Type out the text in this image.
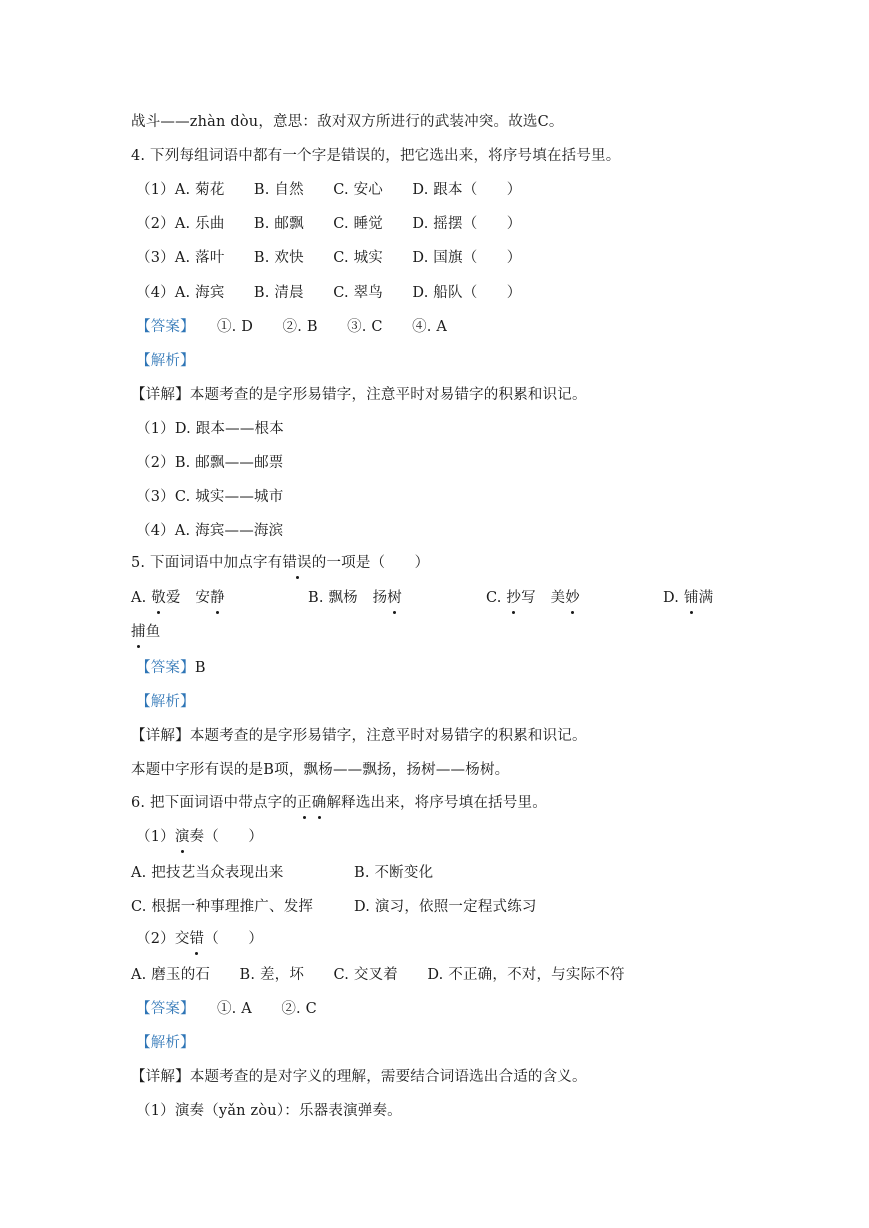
战斗——zhàn dòu，意思：敌对双方所进行的武装冲突。故选C。
4. 下列每组词语中都有一个字是错误的，把它选出来，将序号填在括号里。
（1）A. 菊花　　B. 自然　　C. 安心　　D. 跟本（　　）
（2）A. 乐曲　　B. 邮飘　　C. 睡觉　　D. 摇摆（　　）
（3）A. 落叶　　B. 欢快　　C. 城实　　D. 国旗（　　）
（4）A. 海宾　　B. 清晨　　C. 翠鸟　　D. 船队（　　）
【答案】　　①. D　　②. B　　③. C　　④. A
【解析】
【详解】本题考查的是字形易错字，注意平时对易错字的积累和识记。
（1）D. 跟本——根本
（2）B. 邮飘——邮票
（3）C. 城实——城市
（4）A. 海宾——海滨
5. 下面词语中加点字有错误的一项是（　　）
A. 敬爱　安静	B. 飘杨　扬树	C. 抄写　美妙	D. 铺满
捕鱼
【答案】B
【解析】
【详解】本题考查的是字形易错字，注意平时对易错字的积累和识记。
本题中字形有误的是B项，飘杨——飘扬，扬树——杨树。
6. 把下面词语中带点字的正确解释选出来，将序号填在括号里。
（1）演奏（　　）
A. 把技艺当众表现出来	B. 不断变化
C. 根据一种事理推广、发挥	D. 演习，依照一定程式练习
（2）交错（　　）
A. 磨玉的石　　B. 差，坏　　C. 交叉着　　D. 不正确，不对，与实际不符
【答案】　　①. A　　②. C
【解析】
【详解】本题考查的是对字义的理解，需要结合词语选出合适的含义。
（1）演奏（yǎn zòu）：乐器表演弹奏。
